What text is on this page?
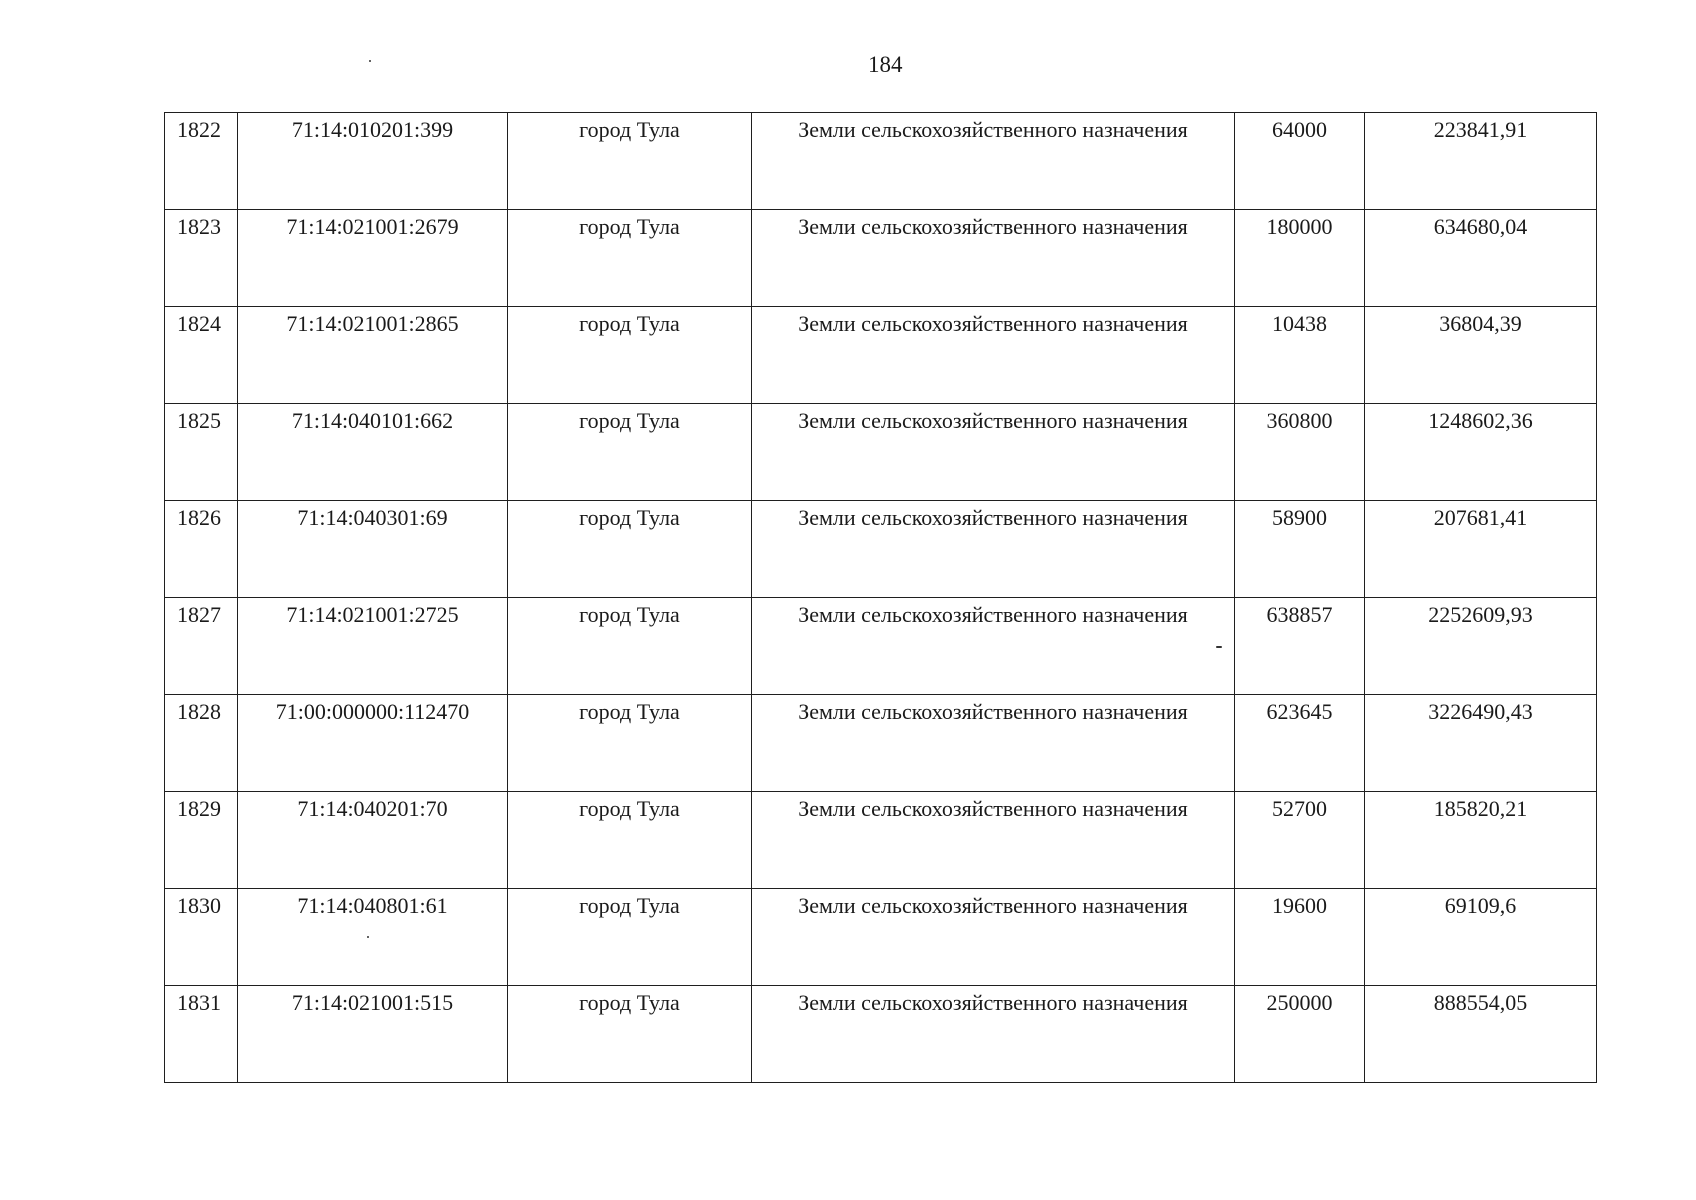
184
1822	71:14:010201:399	город Тула	Земли сельскохозяйственного назначения	64000	223841,91
1823	71:14:021001:2679	город Тула	Земли сельскохозяйственного назначения	180000	634680,04
1824	71:14:021001:2865	город Тула	Земли сельскохозяйственного назначения	10438	36804,39
1825	71:14:040101:662	город Тула	Земли сельскохозяйственного назначения	360800	1248602,36
1826	71:14:040301:69	город Тула	Земли сельскохозяйственного назначения	58900	207681,41
1827	71:14:021001:2725	город Тула	Земли сельскохозяйственного назначения	638857	2252609,93
1828	71:00:000000:112470	город Тула	Земли сельскохозяйственного назначения	623645	3226490,43
1829	71:14:040201:70	город Тула	Земли сельскохозяйственного назначения	52700	185820,21
1830	71:14:040801:61	город Тула	Земли сельскохозяйственного назначения	19600	69109,6
1831	71:14:021001:515	город Тула	Земли сельскохозяйственного назначения	250000	888554,05
